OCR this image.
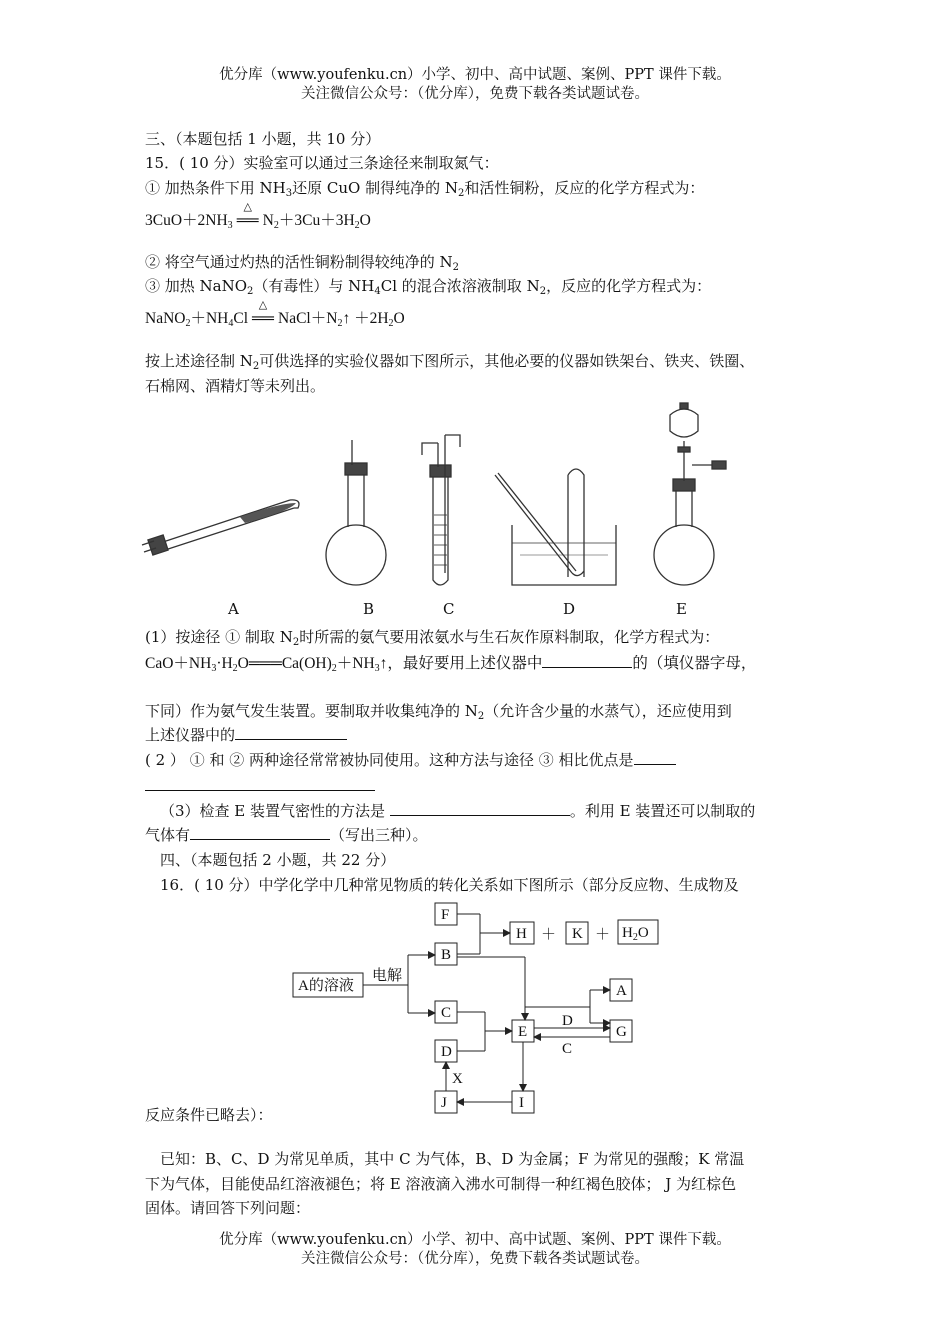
优分库（www.youfenku.cn）小学、初中、高中试题、案例、PPT 课件下载。
关注微信公众号：（优分库），免费下载各类试题试卷。
三、（本题包括 1 小题，共 10 分）
15．( 10 分）实验室可以通过三条途径来制取氮气：
① 加热条件下用 $NH_3$还原 CuO 制得纯净的 $N_2$和活性铜粉，反应的化学方程式为：
$3CuO+2NH_3$
△
══ $N_2+3Cu+3H_2O$
② 将空气通过灼热的活性铜粉制得较纯净的 $N_2$
③ 加热 NaNO$_2$（有毒性）与 $NH_4Cl$ 的混合浓溶液制取 $N_2$，反应的化学方程式为：
$NaNO_2+NH_4Cl$
△
══ $NaCl+N_2↑ +2H_2O$
按上述途径制 $N_2$可供选择的实验仪器如下图所示，其他必要的仪器如铁架台、铁夹、铁圈、
石棉网、酒精灯等未列出。
A	B	C	D	E
(1）按途径 ① 制取 $N_2$时所需的氨气要用浓氨水与生石灰作原料制取，化学方程式为：
$CaO+NH_3\cdot H_2O═══Ca(OH)_2+NH_3↑$，最好要用上述仪器中	的（填仪器字母，
下同）作为氨气发生装置。要制取并收集纯净的 $N_2$（允许含少量的水蒸气），还应使用到
上述仪器中的
( 2 ） ① 和 ② 两种途径常常被协同使用。这种方法与途径 ③ 相比优点是
（3）检查 E 装置气密性的方法是	。利用 E 装置还可以制取的
气体有	（写出三种）。
四、（本题包括 2 小题，共 22 分）
16．( 10 分）中学化学中几种常见物质的转化关系如下图所示（部分反应物、生成物及
A的溶液
电解
F
B
$H + K + H_2O$
C
D
E
A
G
J	I
X
D
C
反应条件已略去）：
已知：B、C、D 为常见单质，其中 C 为气体，B、D 为金属；F 为常见的强酸；K 常温
下为气体，目能使品红溶液褪色；将 E 溶液滴入沸水可制得一种红褐色胶体； J 为红棕色
固体。请回答下列问题：
优分库（www.youfenku.cn）小学、初中、高中试题、案例、PPT 课件下载。
关注微信公众号：（优分库），免费下载各类试题试卷。
